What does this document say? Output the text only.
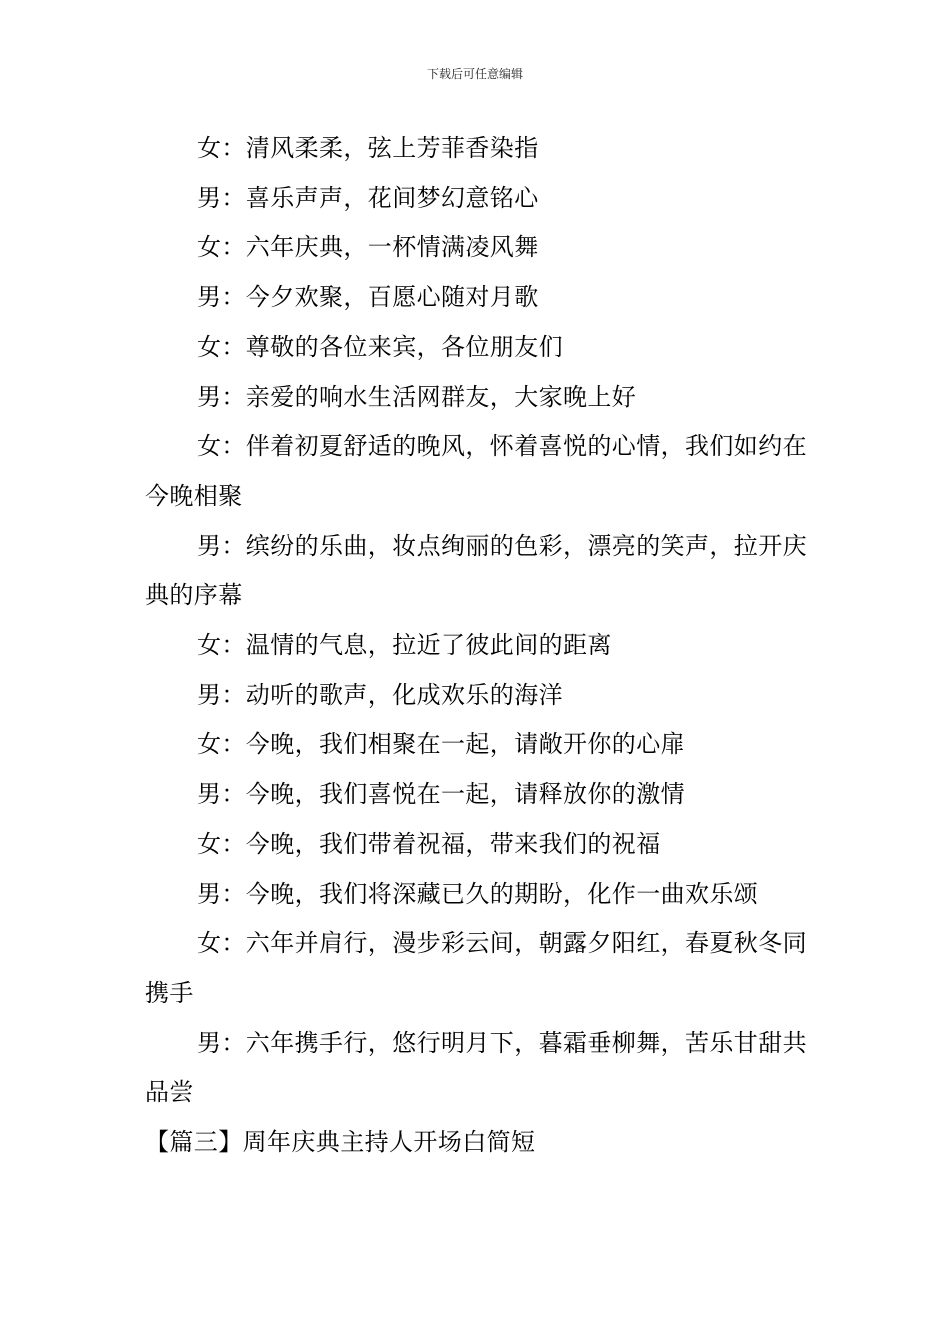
下载后可任意编辑

女：清风柔柔，弦上芳菲香染指

男：喜乐声声，花间梦幻意铭心

女：六年庆典，一杯情满凌风舞

男：今夕欢聚，百愿心随对月歌

女：尊敬的各位来宾，各位朋友们

男：亲爱的响水生活网群友，大家晚上好

女：伴着初夏舒适的晚风，怀着喜悦的心情，我们如约在今晚相聚

男：缤纷的乐曲，妆点绚丽的色彩，漂亮的笑声，拉开庆典的序幕

女：温情的气息，拉近了彼此间的距离

男：动听的歌声，化成欢乐的海洋

女：今晚，我们相聚在一起，请敞开你的心扉

男：今晚，我们喜悦在一起，请释放你的激情

女：今晚，我们带着祝福，带来我们的祝福

男：今晚，我们将深藏已久的期盼，化作一曲欢乐颂

女：六年并肩行，漫步彩云间，朝露夕阳红，春夏秋冬同携手

男：六年携手行，悠行明月下，暮霜垂柳舞，苦乐甘甜共品尝

【篇三】周年庆典主持人开场白简短
